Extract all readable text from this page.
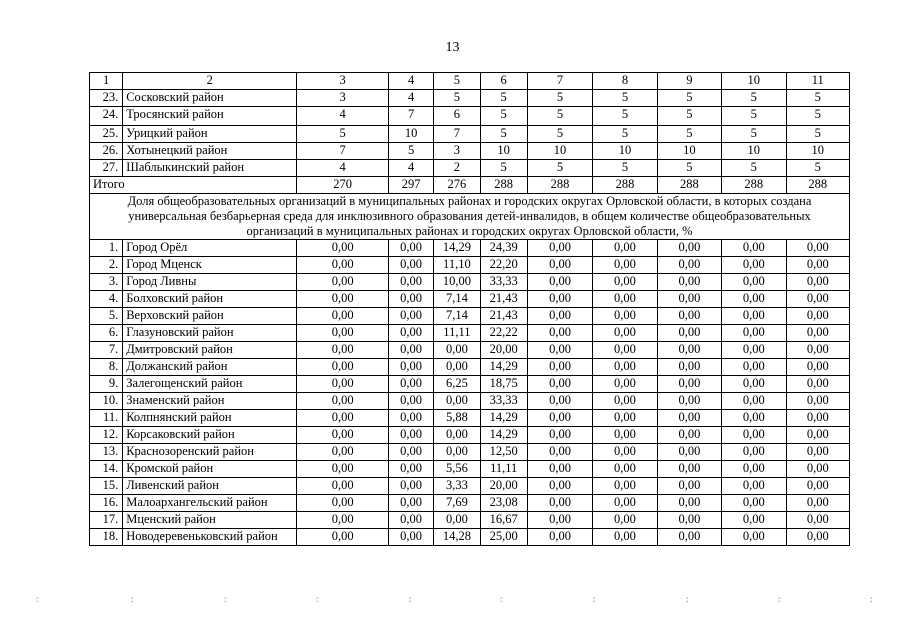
13
1	2	3	4	5	6	7	8	9	10	11
23.	Сосковский район	3	4	5	5	5	5	5	5	5
24.	Тросянский район	4	7	6	5	5	5	5	5	5
25.	Урицкий район	5	10	7	5	5	5	5	5	5
26.	Хотынецкий район	7	5	3	10	10	10	10	10	10
27.	Шаблыкинский район	4	4	2	5	5	5	5	5	5
Итого		270	297	276	288	288	288	288	288	288
Доля общеобразовательных организаций в муниципальных районах и городских округах Орловской области, в которых создана универсальная безбарьерная среда для инклюзивного образования детей-инвалидов, в общем количестве общеобразовательных организаций в муниципальных районах и городских округах Орловской области, %										
1.	Город Орёл	0,00	0,00	14,29	24,39	0,00	0,00	0,00	0,00	0,00
2.	Город Мценск	0,00	0,00	11,10	22,20	0,00	0,00	0,00	0,00	0,00
3.	Город Ливны	0,00	0,00	10,00	33,33	0,00	0,00	0,00	0,00	0,00
4.	Болховский район	0,00	0,00	7,14	21,43	0,00	0,00	0,00	0,00	0,00
5.	Верховский район	0,00	0,00	7,14	21,43	0,00	0,00	0,00	0,00	0,00
6.	Глазуновский район	0,00	0,00	11,11	22,22	0,00	0,00	0,00	0,00	0,00
7.	Дмитровский район	0,00	0,00	0,00	20,00	0,00	0,00	0,00	0,00	0,00
8.	Должанский район	0,00	0,00	0,00	14,29	0,00	0,00	0,00	0,00	0,00
9.	Залегощенский район	0,00	0,00	6,25	18,75	0,00	0,00	0,00	0,00	0,00
10.	Знаменский район	0,00	0,00	0,00	33,33	0,00	0,00	0,00	0,00	0,00
11.	Колпнянский район	0,00	0,00	5,88	14,29	0,00	0,00	0,00	0,00	0,00
12.	Корсаковский район	0,00	0,00	0,00	14,29	0,00	0,00	0,00	0,00	0,00
13.	Краснозоренский район	0,00	0,00	0,00	12,50	0,00	0,00	0,00	0,00	0,00
14.	Кромской район	0,00	0,00	5,56	11,11	0,00	0,00	0,00	0,00	0,00
15.	Ливенский район	0,00	0,00	3,33	20,00	0,00	0,00	0,00	0,00	0,00
16.	Малоархангельский район	0,00	0,00	7,69	23,08	0,00	0,00	0,00	0,00	0,00
17.	Мценский район	0,00	0,00	0,00	16,67	0,00	0,00	0,00	0,00	0,00
18.	Новодеревеньковский район	0,00	0,00	14,28	25,00	0,00	0,00	0,00	0,00	0,00
:	:	:	:	:	:	:	:	:	:
